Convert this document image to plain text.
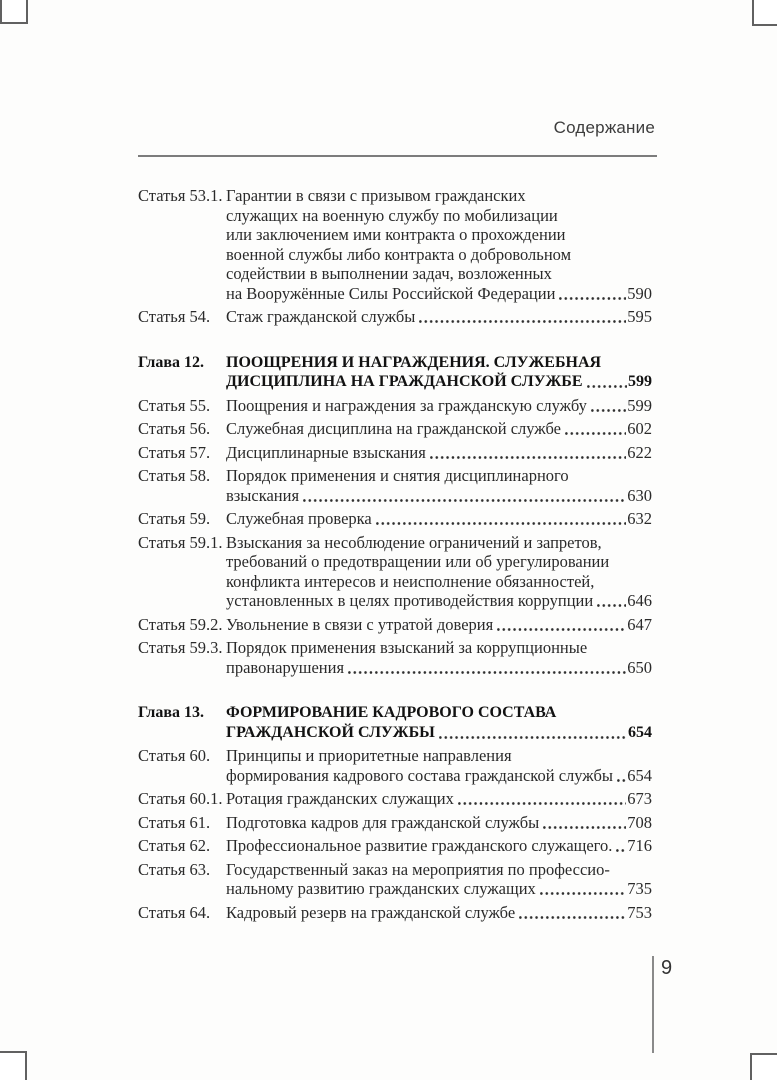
Содержание
Статья 53.1. Гарантии в связи с призывом гражданских
служащих на военную службу по мобилизации
или заключением ими контракта о прохождении
военной службы либо контракта о добровольном
содействии в выполнении задач, возложенных
на Вооружённые Силы Российской Федерации	590
Статья 54. Стаж гражданской службы	595
Глава 12.	ПООЩРЕНИЯ И НАГРАЖДЕНИЯ. СЛУЖЕБНАЯ
ДИСЦИПЛИНА НА ГРАЖДАНСКОЙ СЛУЖБЕ	599
Статья 55. Поощрения и награждения за гражданскую службу 599
Статья 56. Служебная дисциплина на гражданской службе	602
Статья 57. Дисциплинарные взыскания	622
Статья 58. Порядок применения и снятия дисциплинарного
взыскания	630
Статья 59. Служебная проверка	632
Статья 59.1. Взыскания за несоблюдение ограничений и запретов,
требований о предотвращении или об урегулировании
конфликта интересов и неисполнение обязанностей,
установленных в целях противодействия коррупции 646
Статья 59.2. Увольнение в связи с утратой доверия	647
Статья 59.3. Порядок применения взысканий за коррупционные
правонарушения	650
Глава 13.	ФОРМИРОВАНИЕ КАДРОВОГО СОСТАВА
ГРАЖДАНСКОЙ СЛУЖБЫ	654
Статья 60. Принципы и приоритетные направления
формирования кадрового состава гражданской службы 654
Статья 60.1. Ротация гражданских служащих	673
Статья 61. Подготовка кадров для гражданской службы	708
Статья 62. Профессиональное развитие гражданского служащего. 716
Статья 63. Государственный заказ на мероприятия по профессио-
нальному развитию гражданских служащих	735
Статья 64. Кадровый резерв на гражданской службе	753
9
